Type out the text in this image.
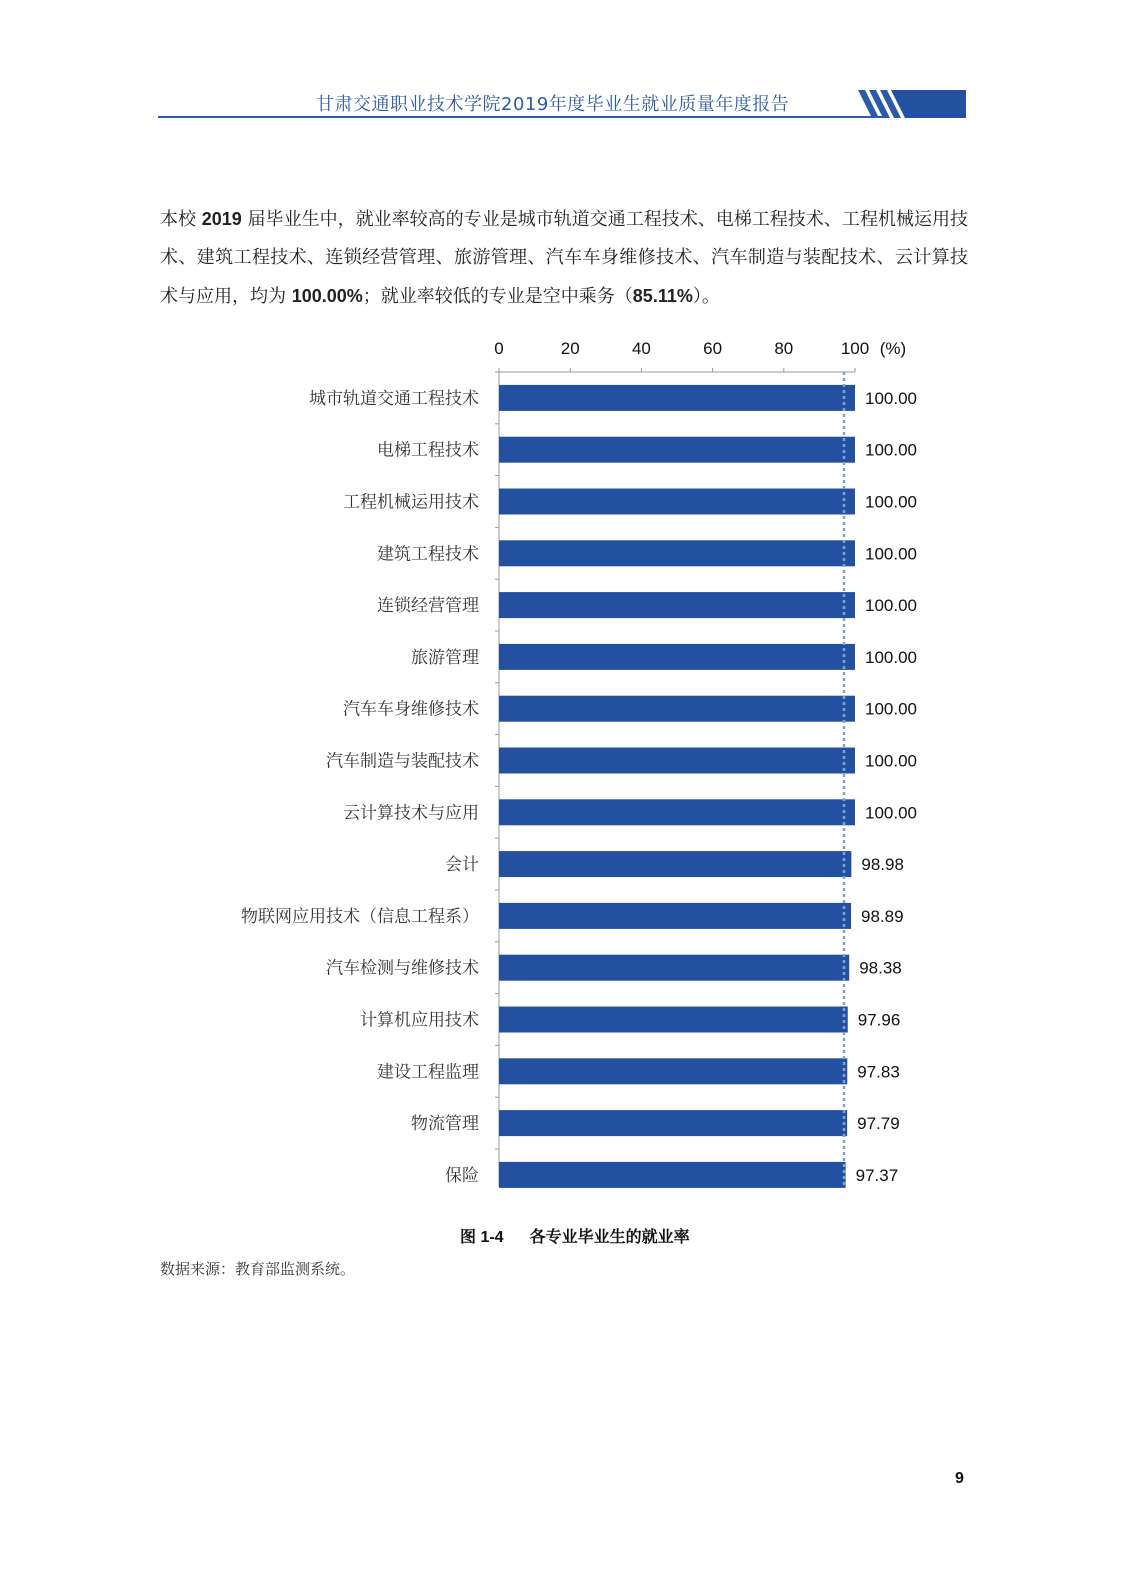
甘肃交通职业技术学院2019年度毕业生就业质量年度报告

本校 2019 届毕业生中，就业率较高的专业是城市轨道交通工程技术、电梯工程技术、工程机械运用技术、建筑工程技术、连锁经营管理、旅游管理、汽车车身维修技术、汽车制造与装配技术、云计算技术与应用，均为 100.00%；就业率较低的专业是空中乘务（85.11%）。

0	20	40	60	80	100 (%)
城市轨道交通工程技术	100.00
电梯工程技术	100.00
工程机械运用技术	100.00
建筑工程技术	100.00
连锁经营管理	100.00
旅游管理	100.00
汽车车身维修技术	100.00
汽车制造与装配技术	100.00
云计算技术与应用	100.00
会计	98.98
物联网应用技术（信息工程系）	98.89
汽车检测与维修技术	98.38
计算机应用技术	97.96
建设工程监理	97.83
物流管理	97.79
保险	97.37
图 1-4 各专业毕业生的就业率
数据来源：教育部监测系统。
9
